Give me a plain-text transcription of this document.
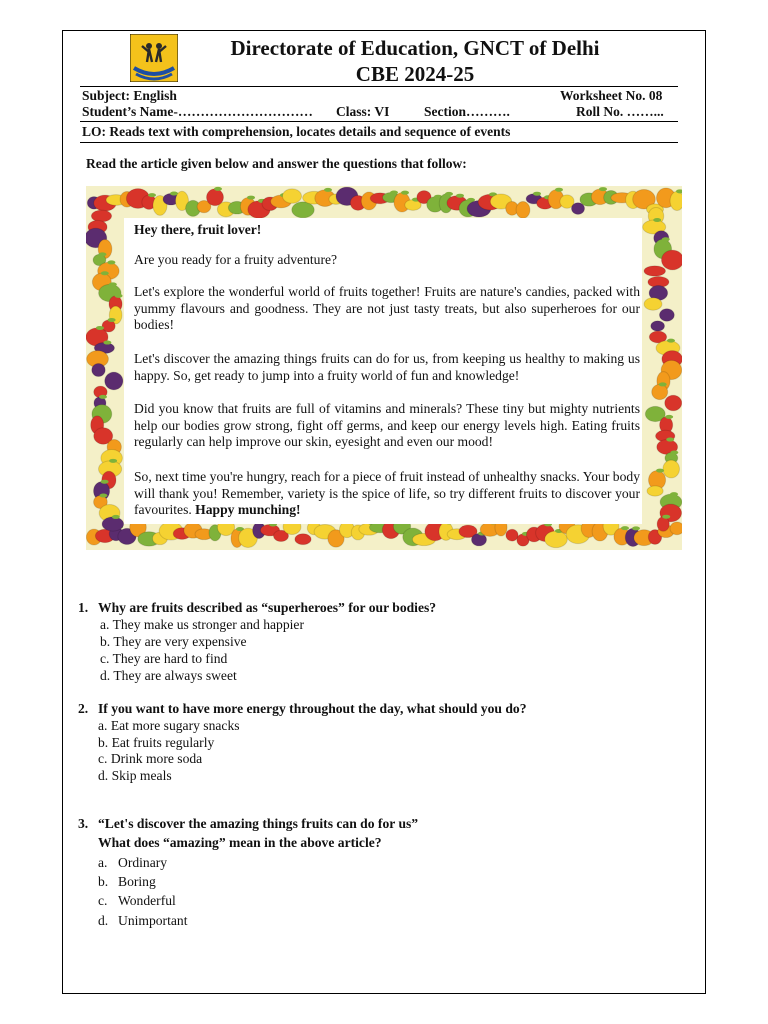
Directorate of Education, GNCT of Delhi
CBE 2024-25
Subject: English	Worksheet No. 08
Student’s Name-………………………… Class: VI	Section……….	Roll No. ……...
LO: Reads text with comprehension, locates details and sequence of events
Read the article given below and answer the questions that follow:

Hey there, fruit lover!

Are you ready for a fruity adventure?

Let's explore the wonderful world of fruits together! Fruits are nature's candies, packed with yummy flavours and goodness. They are not just tasty treats, but also superheroes for our bodies!

Let's discover the amazing things fruits can do for us, from keeping us healthy to making us happy. So, get ready to jump into a fruity world of fun and knowledge!

Did you know that fruits are full of vitamins and minerals? These tiny but mighty nutrients help our bodies grow strong, fight off germs, and keep our energy levels high. Eating fruits regularly can help improve our skin, eyesight and even our mood!

So, next time you're hungry, reach for a piece of fruit instead of unhealthy snacks. Your body will thank you! Remember, variety is the spice of life, so try different fruits to discover your favourites. Happy munching!

1. Why are fruits described as “superheroes” for our bodies?
a. They make us stronger and happier
b. They are very expensive
c. They are hard to find
d. They are always sweet
2. If you want to have more energy throughout the day, what should you do?
a. Eat more sugary snacks
b. Eat fruits regularly
c. Drink more soda
d. Skip meals
3. “Let's discover the amazing things fruits can do for us”
What does “amazing” mean in the above article?
a. Ordinary
b. Boring
c. Wonderful
d. Unimportant
